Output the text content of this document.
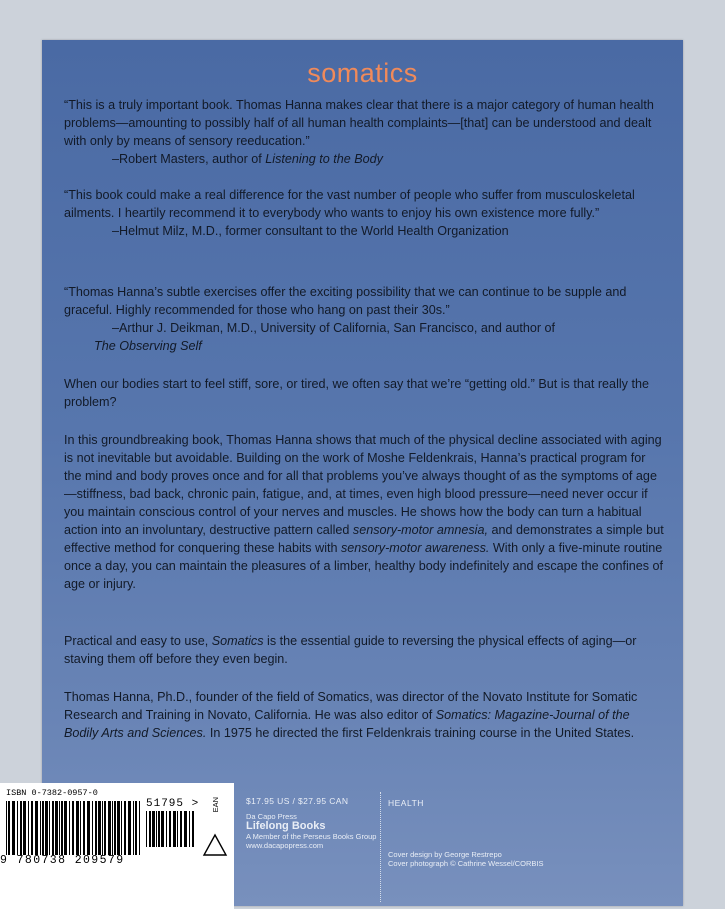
somatics

“This is a truly important book. Thomas Hanna makes clear that there is a major category of human health problems—amounting to possibly half of all human health complaints—[that] can be understood and dealt with only by means of sensory reeducation.”

–Robert Masters, author of Listening to the Body

“This book could make a real difference for the vast number of people who suffer from musculoskeletal ailments. I heartily recommend it to everybody who wants to enjoy his own existence more fully.”

–Helmut Milz, M.D., former consultant to the World Health Organization

“Thomas Hanna’s subtle exercises offer the exciting possibility that we can continue to be supple and graceful. Highly recommended for those who hang on past their 30s.”

–Arthur J. Deikman, M.D., University of California, San Francisco, and author of

The Observing Self

When our bodies start to feel stiff, sore, or tired, we often say that we’re “getting old.” But is that really the problem?
In this groundbreaking book, Thomas Hanna shows that much of the physical decline associated with aging is not inevitable but avoidable. Building on the work of Moshe Feldenkrais, Hanna’s practical program for the mind and body proves once and for all that problems you’ve always thought of as the symptoms of age—stiffness, bad back, chronic pain, fatigue, and, at times, even high blood pressure—need never occur if you maintain conscious control of your nerves and muscles. He shows how the body can turn a habitual action into an involuntary, destructive pattern called sensory-motor amnesia, and demonstrates a simple but effective method for conquering these habits with sensory-motor awareness. With only a five-minute routine once a day, you can maintain the pleasures of a limber, healthy body indefinitely and escape the confines of age or injury.
Practical and easy to use, Somatics is the essential guide to reversing the physical effects of aging—or staving them off before they even begin.
Thomas Hanna, Ph.D., founder of the field of Somatics, was director of the Novato Institute for Somatic Research and Training in Novato, California. He was also editor of Somatics: Magazine-Journal of the Bodily Arts and Sciences. In 1975 he directed the first Feldenkrais training course in the United States.
ISBN 0-7382-0957-0
9 780738 209579
51795 > EAN	$17.95 US / $27.95 CAN
Da Capo Press
Lifelong Books
A Member of the Perseus Books Group
www.dacapopress.com
HEALTH
Cover design by George Restrepo
Cover photograph © Cathrine Wessel/CORBIS
